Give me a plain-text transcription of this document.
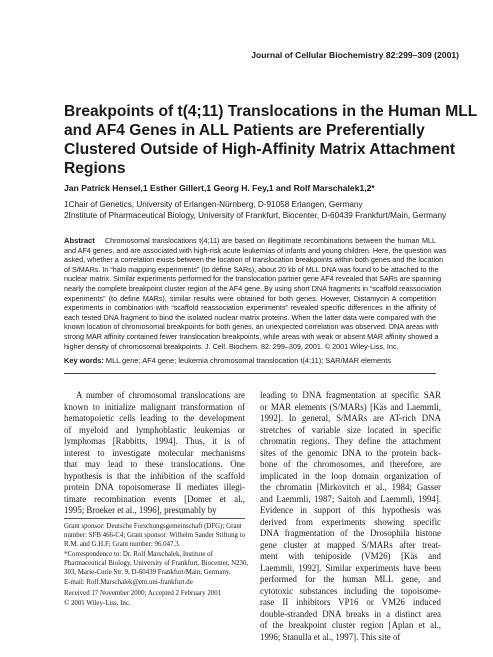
Journal of Cellular Biochemistry 82:299–309 (2001)
Breakpoints of t(4;11) Translocations in the Human MLL
and AF4 Genes in ALL Patients are Preferentially
Clustered Outside of High-Affinity Matrix Attachment
Regions
Jan Patrick Hensel,1 Esther Gillert,1 Georg H. Fey,1 and Rolf Marschalek1,2*
1Chair of Genetics, University of Erlangen-Nürnberg, D-91058 Erlangen, Germany
2Institute of Pharmaceutical Biology, University of Frankfurt, Biocenter, D-60439 Frankfurt/Main, Germany
Abstract Chromosomal translocations t(4;11) are based on illegitimate recombinations between the human MLL
and AF4 genes, and are associated with high-risk acute leukemias of infants and young children. Here, the question was
asked, whether a correlation exists between the location of translocation breakpoints within both genes and the location
of S/MARs. In “halo mapping experiments” (to define SARs), about 20 kb of MLL DNA was found to be attached to the
nuclear matrix. Similar experiments performed for the translocation partner gene AF4 revealed that SARs are spanning
nearly the complete breakpoint cluster region of the AF4 gene. By using short DNA fragments in “scaffold reassociation
experiments” (to define MARs), similar results were obtained for both genes. However, Distamycin A competition
experiments in combination with “scaffold reassociation experiments” revealed specific differences in the affinity of
each tested DNA fragment to bind the isolated nuclear matrix proteins. When the latter data were compared with the
known location of chromosomal breakpoints for both genes, an unexpected correlation was observed. DNA areas with
strong MAR affinity contained fewer translocation breakpoints, while areas with weak or absent MAR affinity showed a
higher density of chromosomal breakpoints. J. Cell. Biochem. 82: 299–309, 2001. © 2001 Wiley-Liss, Inc.
Key words: MLL gene; AF4 gene; leukemia chromosomal translocation t(4;11); SAR/MAR elements
A number of chromosomal translocations are
known to initialize malignant transformation of
hematopoietic cells leading to the development
of myeloid and lymphoblastic leukemias or
lymphomas [Rabbitts, 1994]. Thus, it is of
interest to investigate molecular mechanisms
that may lead to these translocations. One
hypothesis is that the inhibition of the scaffold
protein DNA topoisomerase II mediates illegi-
timate recombination events [Domer et al.,
1995; Broeker et al., 1996], presumably by

Grant sponsor: Deutsche Forschungsgemeinschaft (DFG); Grant number: SFB 466-C4; Grant sponsor: Wilhelm Sander Stiftung to R.M. and G.H.F; Grant number: 96.047.3.

*Correspondence to: Dr. Rolf Marschalek, Institute of Pharmaceutical Biology, University of Frankfurt, Biocenter, N230, 303, Marie-Curie Str. 9, D-60439 Frankfurt/Main, Germany.

E-mail: Rolf.Marschalek@em.uni-frankfurt.de

Received 17 November 2000; Accepted 2 February 2001

© 2001 Wiley-Liss, Inc.

leading to DNA fragmentation at specific SAR
or MAR elements (S/MARs) [Käs and Laemmli,
1992]. In general, S/MARs are AT-rich DNA
stretches of variable size located in specific
chromatin regions. They define the attachment
sites of the genomic DNA to the protein back-
bone of the chromosomes, and therefore, are
implicated in the loop domain organization of
the chromatin [Mirkovitch et al., 1984; Gasser
and Laemmli, 1987; Saitoh and Laemmli, 1994].
Evidence in support of this hypothesis was
derived from experiments showing specific
DNA fragmentation of the Drosophila histone
gene cluster at mapped S/MARs after treat-
ment with teniposide (VM26) [Käs and
Laemmli, 1992]. Similar experiments have been
performed for the human MLL gene, and
cytotoxic substances including the topoisome-
rase II inhibitors VP16 or VM26 induced
double-stranded DNA breaks in a distinct area
of the breakpoint cluster region [Aplan et al.,
1996; Stanulla et al., 1997]. This site of
